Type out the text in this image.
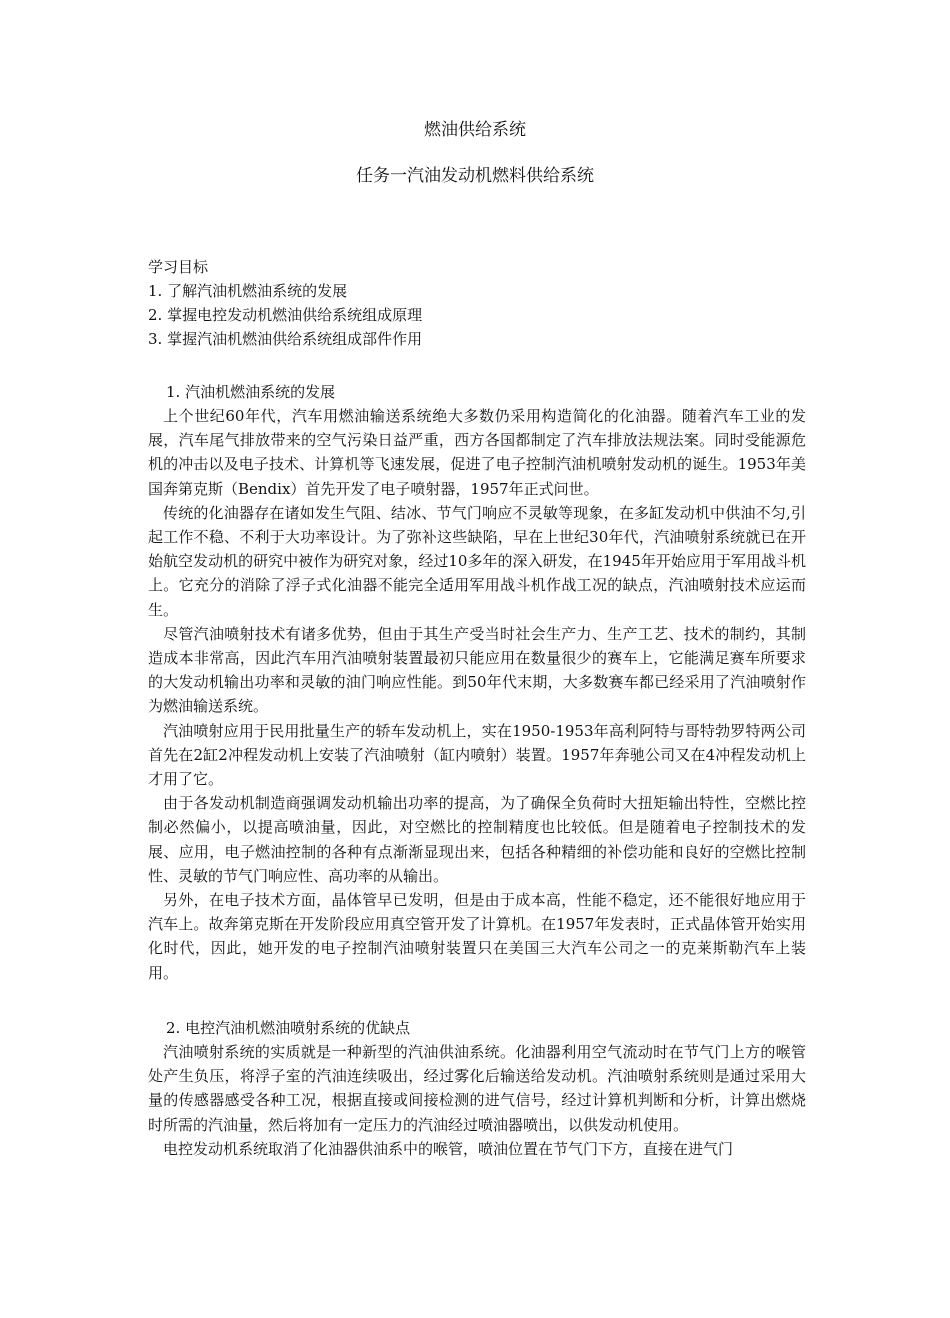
燃油供给系统
任务一汽油发动机燃料供给系统
学习目标
1. 了解汽油机燃油系统的发展
2. 掌握电控发动机燃油供给系统组成原理
3. 掌握汽油机燃油供给系统组成部件作用
1. 汽油机燃油系统的发展

上个世纪60年代，汽车用燃油输送系统绝大多数仍采用构造简化的化油器。随着汽车工业的发展，汽车尾气排放带来的空气污染日益严重，西方各国都制定了汽车排放法规法案。同时受能源危机的冲击以及电子技术、计算机等飞速发展，促进了电子控制汽油机喷射发动机的诞生。1953年美国奔第克斯（Bendix）首先开发了电子喷射器，1957年正式问世。

传统的化油器存在诸如发生气阻、结冰、节气门响应不灵敏等现象，在多缸发动机中供油不匀,引起工作不稳、不利于大功率设计。为了弥补这些缺陷，早在上世纪30年代，汽油喷射系统就已在开始航空发动机的研究中被作为研究对象，经过10多年的深入研发，在1945年开始应用于军用战斗机上。它充分的消除了浮子式化油器不能完全适用军用战斗机作战工况的缺点，汽油喷射技术应运而生。

尽管汽油喷射技术有诸多优势，但由于其生产受当时社会生产力、生产工艺、技术的制约，其制造成本非常高，因此汽车用汽油喷射装置最初只能应用在数量很少的赛车上，它能满足赛车所要求的大发动机输出功率和灵敏的油门响应性能。到50年代末期，大多数赛车都已经采用了汽油喷射作为燃油输送系统。

汽油喷射应用于民用批量生产的轿车发动机上，实在1950-1953年高利阿特与哥特勃罗特两公司首先在2缸2冲程发动机上安装了汽油喷射（缸内喷射）装置。1957年奔驰公司又在4冲程发动机上才用了它。

由于各发动机制造商强调发动机输出功率的提高，为了确保全负荷时大扭矩输出特性，空燃比控制必然偏小，以提高喷油量，因此，对空燃比的控制精度也比较低。但是随着电子控制技术的发展、应用，电子燃油控制的各种有点渐渐显现出来，包括各种精细的补偿功能和良好的空燃比控制性、灵敏的节气门响应性、高功率的从输出。

另外，在电子技术方面，晶体管早已发明，但是由于成本高，性能不稳定，还不能很好地应用于汽车上。故奔第克斯在开发阶段应用真空管开发了计算机。在1957年发表时，正式晶体管开始实用化时代，因此，她开发的电子控制汽油喷射装置只在美国三大汽车公司之一的克莱斯勒汽车上装用。

2. 电控汽油机燃油喷射系统的优缺点

汽油喷射系统的实质就是一种新型的汽油供油系统。化油器利用空气流动时在节气门上方的喉管处产生负压，将浮子室的汽油连续吸出，经过雾化后输送给发动机。汽油喷射系统则是通过采用大量的传感器感受各种工况，根据直接或间接检测的进气信号，经过计算机判断和分析，计算出燃烧时所需的汽油量，然后将加有一定压力的汽油经过喷油器喷出，以供发动机使用。

电控发动机系统取消了化油器供油系中的喉管，喷油位置在节气门下方，直接在进气门
